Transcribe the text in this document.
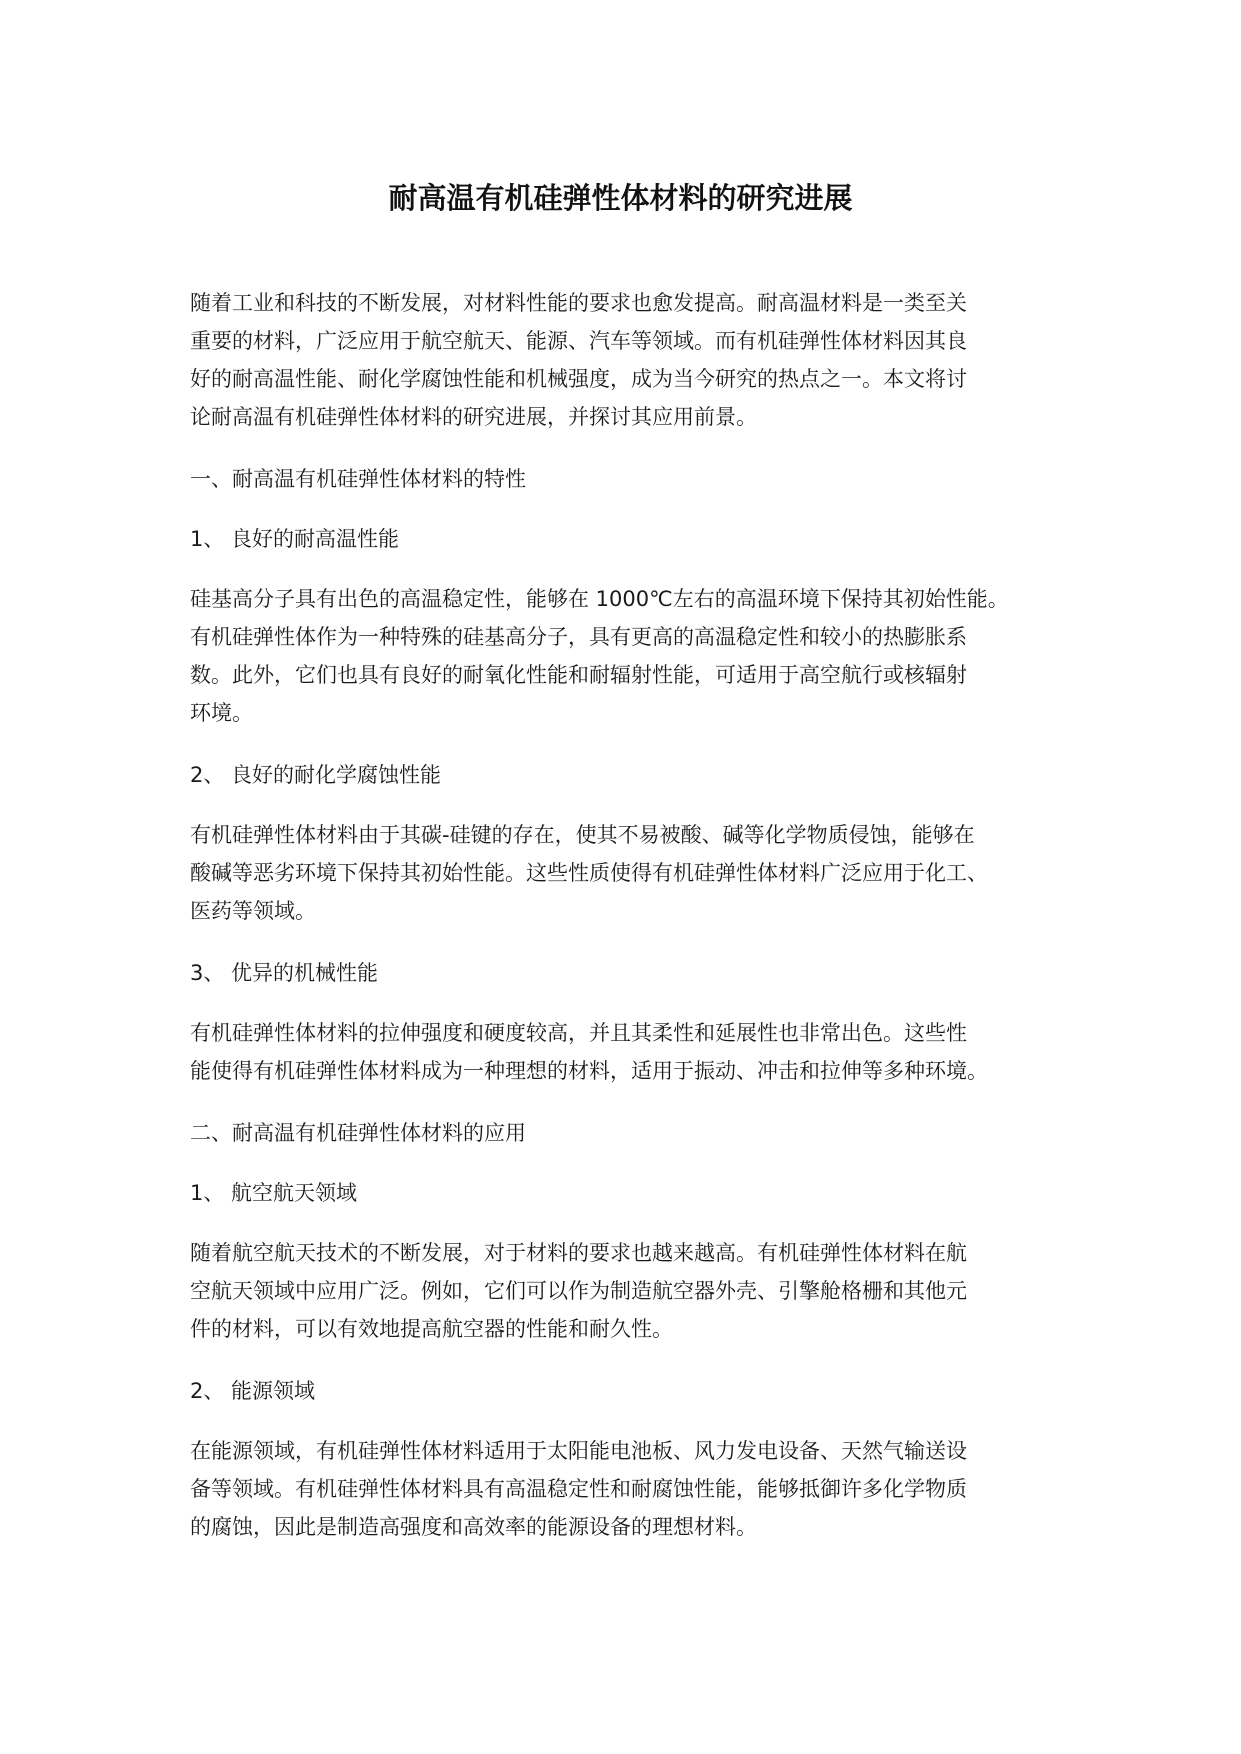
耐高温有机硅弹性体材料的研究进展

随着工业和科技的不断发展，对材料性能的要求也愈发提高。耐高温材料是一类至关
重要的材料，广泛应用于航空航天、能源、汽车等领域。而有机硅弹性体材料因其良
好的耐高温性能、耐化学腐蚀性能和机械强度，成为当今研究的热点之一。本文将讨
论耐高温有机硅弹性体材料的研究进展，并探讨其应用前景。

一、耐高温有机硅弹性体材料的特性

1、 良好的耐高温性能

硅基高分子具有出色的高温稳定性，能够在 1000℃左右的高温环境下保持其初始性能。
有机硅弹性体作为一种特殊的硅基高分子，具有更高的高温稳定性和较小的热膨胀系
数。此外，它们也具有良好的耐氧化性能和耐辐射性能，可适用于高空航行或核辐射
环境。

2、 良好的耐化学腐蚀性能

有机硅弹性体材料由于其碳-硅键的存在，使其不易被酸、碱等化学物质侵蚀，能够在
酸碱等恶劣环境下保持其初始性能。这些性质使得有机硅弹性体材料广泛应用于化工、
医药等领域。

3、 优异的机械性能

有机硅弹性体材料的拉伸强度和硬度较高，并且其柔性和延展性也非常出色。这些性
能使得有机硅弹性体材料成为一种理想的材料，适用于振动、冲击和拉伸等多种环境。

二、耐高温有机硅弹性体材料的应用

1、 航空航天领域

随着航空航天技术的不断发展，对于材料的要求也越来越高。有机硅弹性体材料在航
空航天领域中应用广泛。例如，它们可以作为制造航空器外壳、引擎舱格栅和其他元
件的材料，可以有效地提高航空器的性能和耐久性。

2、 能源领域

在能源领域，有机硅弹性体材料适用于太阳能电池板、风力发电设备、天然气输送设
备等领域。有机硅弹性体材料具有高温稳定性和耐腐蚀性能，能够抵御许多化学物质
的腐蚀，因此是制造高强度和高效率的能源设备的理想材料。
